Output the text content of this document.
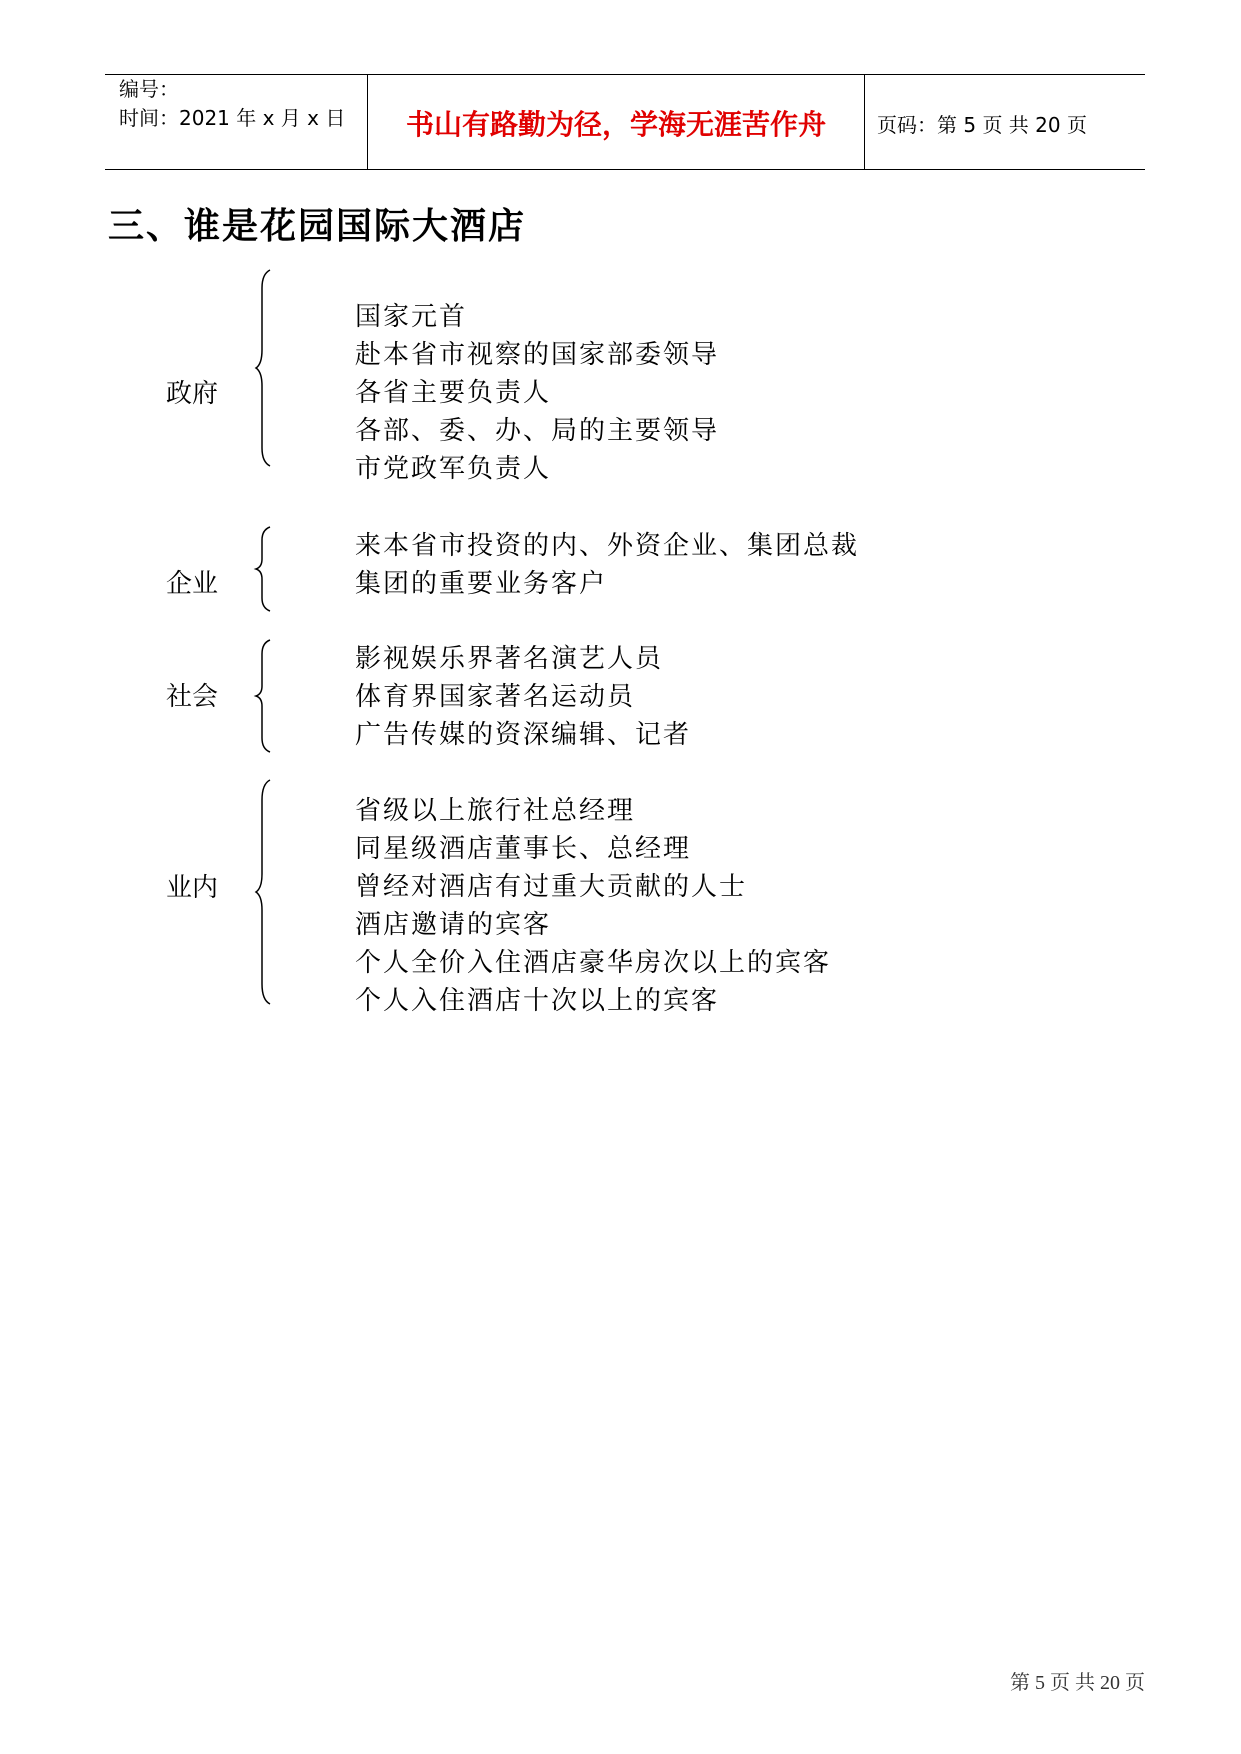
编号：
时间：2021 年 x 月 x 日	书山有路勤为径，学海无涯苦作舟	页码：第 5 页 共 20 页
三、谁是花园国际大酒店
政府
国家元首
赴本省市视察的国家部委领导
各省主要负责人
各部、委、办、局的主要领导
市党政军负责人
企业
来本省市投资的内、外资企业、集团总裁
集团的重要业务客户
社会
影视娱乐界著名演艺人员
体育界国家著名运动员
广告传媒的资深编辑、记者
业内
省级以上旅行社总经理
同星级酒店董事长、总经理
曾经对酒店有过重大贡献的人士
酒店邀请的宾客
个人全价入住酒店豪华房次以上的宾客
个人入住酒店十次以上的宾客
第 5 页 共 20 页
